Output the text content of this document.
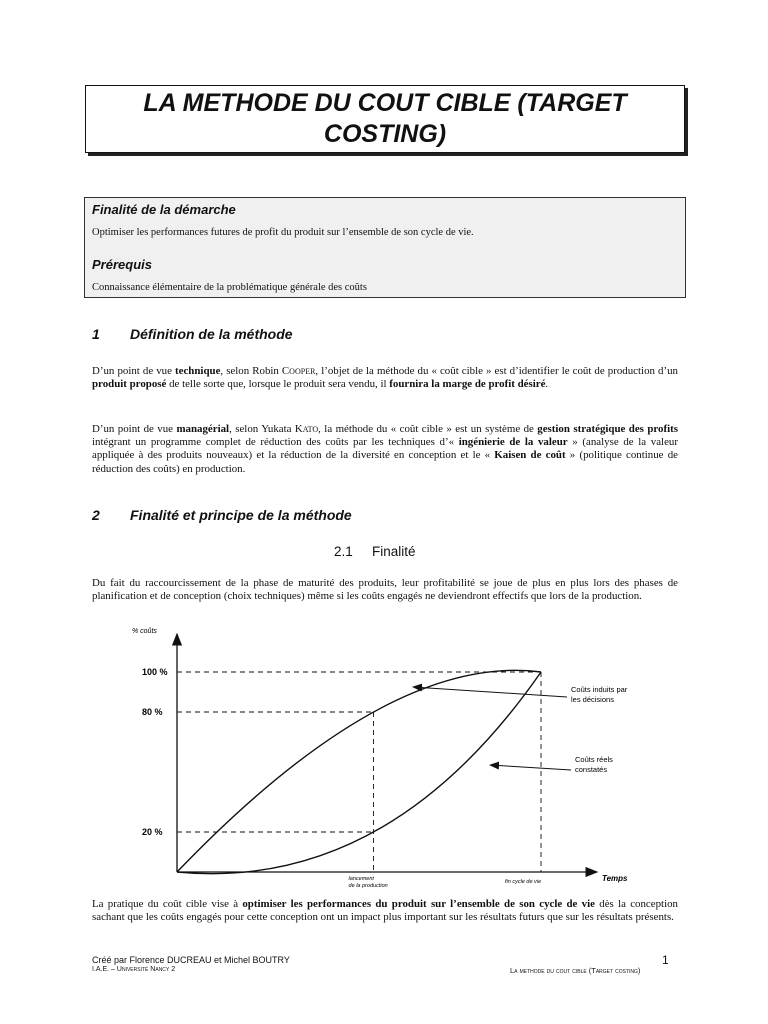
LA METHODE DU COUT CIBLE (TARGET COSTING)
Finalité de la démarche
Optimiser les performances futures de profit du produit sur l’ensemble de son cycle de vie.
Prérequis
Connaissance élémentaire de la problématique générale des coûts
1 Définition de la méthode
D’un point de vue technique, selon Robin Cooper, l’objet de la méthode du « coût cible » est d’identifier le coût de production d’un produit proposé de telle sorte que, lorsque le produit sera vendu, il fournira la marge de profit désiré.
D’un point de vue managérial, selon Yukata Kato, la méthode du « coût cible » est un système de gestion stratégique des profits intégrant un programme complet de réduction des coûts par les techniques d’« ingénierie de la valeur » (analyse de la valeur appliquée à des produits nouveaux) et la réduction de la diversité en conception et le « Kaisen de coût » (politique continue de réduction des coûts) en production.
2 Finalité et principe de la méthode
2.1 Finalité
Du fait du raccourcissement de la phase de maturité des produits, leur profitabilité se joue de plus en plus lors des phases de planification et de conception (choix techniques) même si les coûts engagés ne deviendront effectifs que lors de la production.
% coûts
Temps
100 %
80 %
20 %
lancement
de la production
fin cycle de vie
Coûts induits par
les décisions
Coûts réels
constatés
La pratique du coût cible vise à optimiser les performances du produit sur l’ensemble de son cycle de vie dès la conception sachant que les coûts engagés pour cette conception ont un impact plus important sur les résultats futurs que sur les résultats présents.
Créé par Florence DUCREAU et Michel BOUTRY
I.A.E. – Université Nancy 2
1
La methode du cout cible (Target costing)
